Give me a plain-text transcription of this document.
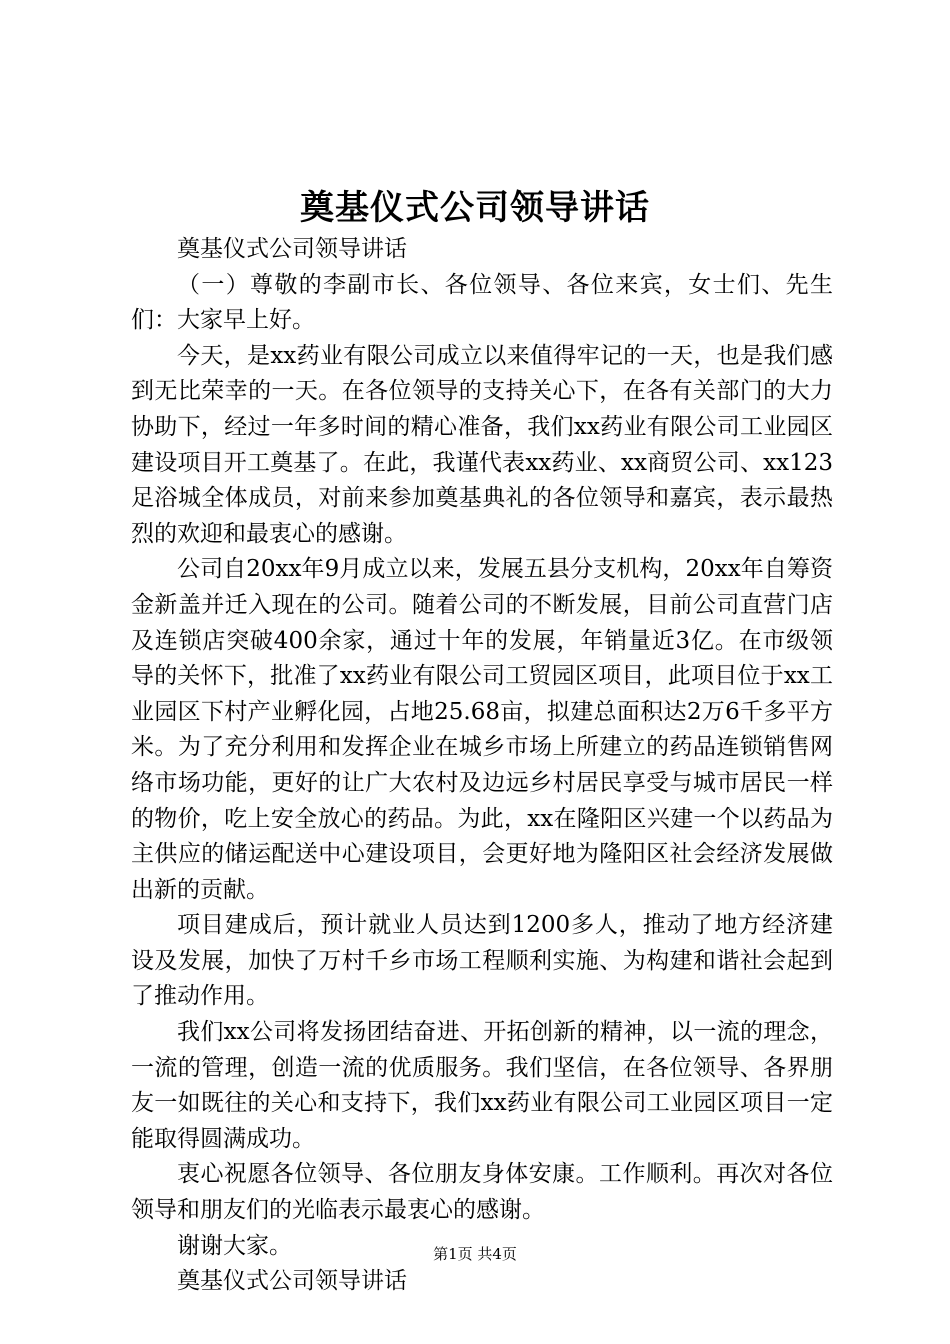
奠基仪式公司领导讲话

奠基仪式公司领导讲话

（一）尊敬的李副市长、各位领导、各位来宾，女士们、先生们：大家早上好。

今天，是xx药业有限公司成立以来值得牢记的一天，也是我们感到无比荣幸的一天。在各位领导的支持关心下，在各有关部门的大力协助下，经过一年多时间的精心准备，我们xx药业有限公司工业园区建设项目开工奠基了。在此，我谨代表xx药业、xx商贸公司、xx123足浴城全体成员，对前来参加奠基典礼的各位领导和嘉宾，表示最热烈的欢迎和最衷心的感谢。

公司自20xx年9月成立以来，发展五县分支机构，20xx年自筹资金新盖并迁入现在的公司。随着公司的不断发展，目前公司直营门店及连锁店突破400余家，通过十年的发展，年销量近3亿。在市级领导的关怀下，批准了xx药业有限公司工贸园区项目，此项目位于xx工业园区下村产业孵化园，占地25.68亩，拟建总面积达2万6千多平方米。为了充分利用和发挥企业在城乡市场上所建立的药品连锁销售网络市场功能，更好的让广大农村及边远乡村居民享受与城市居民一样的物价，吃上安全放心的药品。为此，xx在隆阳区兴建一个以药品为主供应的储运配送中心建设项目，会更好地为隆阳区社会经济发展做出新的贡献。

项目建成后，预计就业人员达到1200多人，推动了地方经济建设及发展，加快了万村千乡市场工程顺利实施、为构建和谐社会起到了推动作用。

我们xx公司将发扬团结奋进、开拓创新的精神，以一流的理念，一流的管理，创造一流的优质服务。我们坚信，在各位领导、各界朋友一如既往的关心和支持下，我们xx药业有限公司工业园区项目一定能取得圆满成功。

衷心祝愿各位领导、各位朋友身体安康。工作顺利。再次对各位领导和朋友们的光临表示最衷心的感谢。

谢谢大家。

奠基仪式公司领导讲话

第1页 共4页
